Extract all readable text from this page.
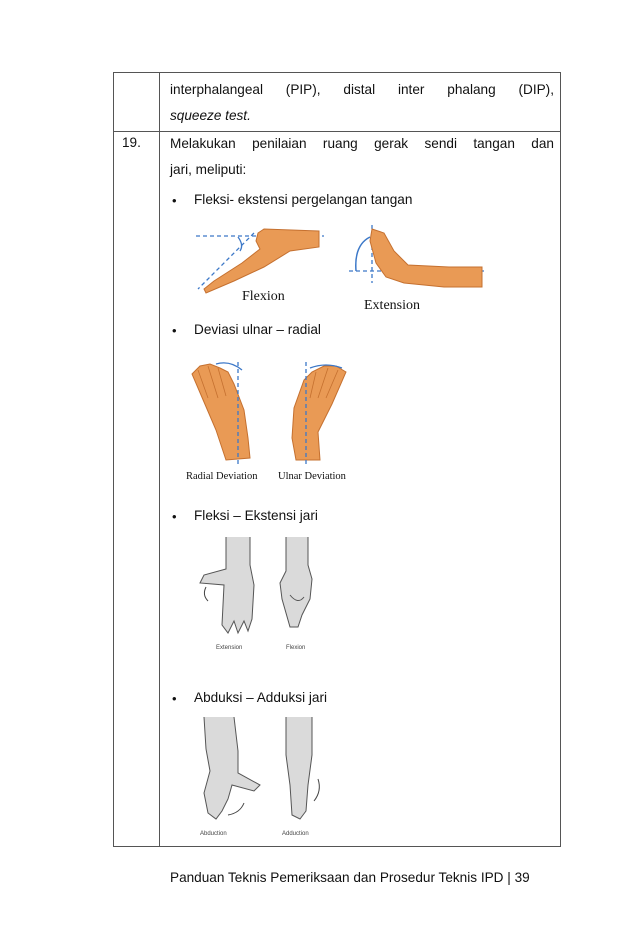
interphalangeal (PIP), distal inter phalang (DIP),
squeeze test.
19. Melakukan penilaian ruang gerak sendi tangan dan
jari, meliputi:
• Fleksi- ekstensi pergelangan tangan
Flexion
Extension
• Deviasi ulnar – radial
Radial Deviation Ulnar Deviation
• Fleksi – Ekstensi jari
Extension	Flexion
• Abduksi – Adduksi jari
Abduction	Adduction
Panduan Teknis Pemeriksaan dan Prosedur Teknis IPD | 39
